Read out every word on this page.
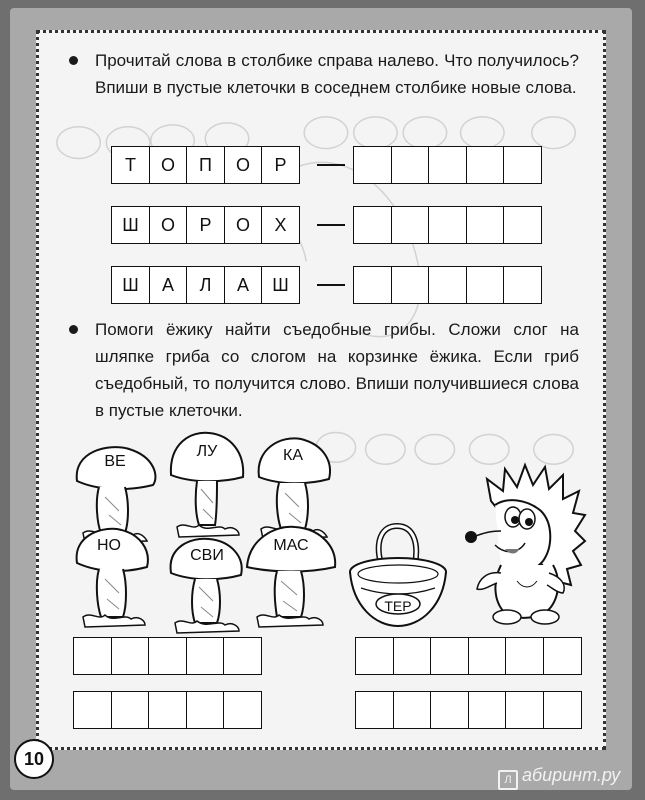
Прочитай слова в столбике справа налево. Что получилось? Впиши в пустые клеточки в соседнем столбике новые слова.
Т	О	П	О	Р
Ш	О	Р	О	Х
Ш	А	Л	А	Ш
Помоги ёжику найти съедобные грибы. Сложи слог на шляпке гриба со слогом на корзинке ёжика. Если гриб съедобный, то получится слово. Впиши получившиеся слова в пустые клеточки.
ВЕ
ЛУ	КА
НО
СВИ
МАС
ТЕР
10
Л абиринт.ру
